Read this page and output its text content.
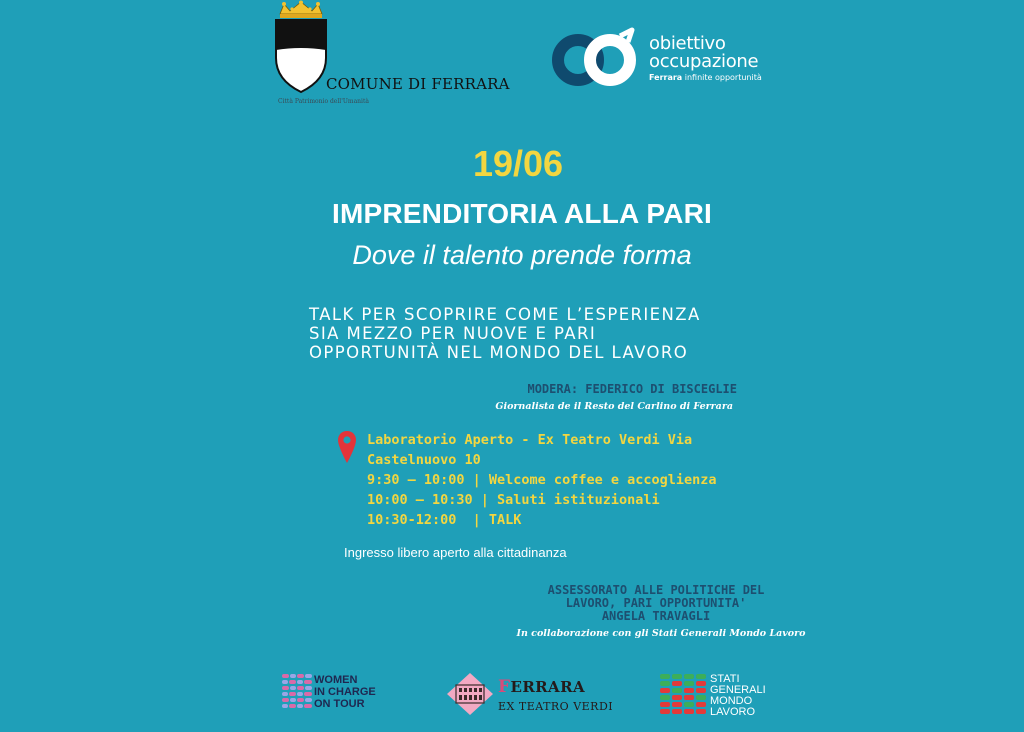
COMUNE DI FERRARA
Città Patrimonio dell'Umanità
obiettivo
occupazione
Ferrara infinite opportunità
19/06
IMPRENDITORIA ALLA PARI
Dove il talento prende forma
TALK PER SCOPRIRE COME L’ESPERIENZA
SIA MEZZO PER NUOVE E PARI
OPPORTUNITÀ NEL MONDO DEL LAVORO
MODERA: FEDERICO DI BISCEGLIE
Giornalista de il Resto del Carlino di Ferrara
Laboratorio Aperto - Ex Teatro Verdi Via
Castelnuovo 10
9:30 – 10:00 | Welcome coffee e accoglienza
10:00 – 10:30 | Saluti istituzionali
10:30-12:00  | TALK
Ingresso libero aperto alla cittadinanza
ASSESSORATO ALLE POLITICHE DEL
LAVORO, PARI OPPORTUNITA'
ANGELA TRAVAGLI
In collaborazione con gli Stati Generali Mondo Lavoro
WOMEN
IN CHARGE
ON TOUR
FERRARA
EX TEATRO VERDI
STATI
GENERALI
MONDO
LAVORO
